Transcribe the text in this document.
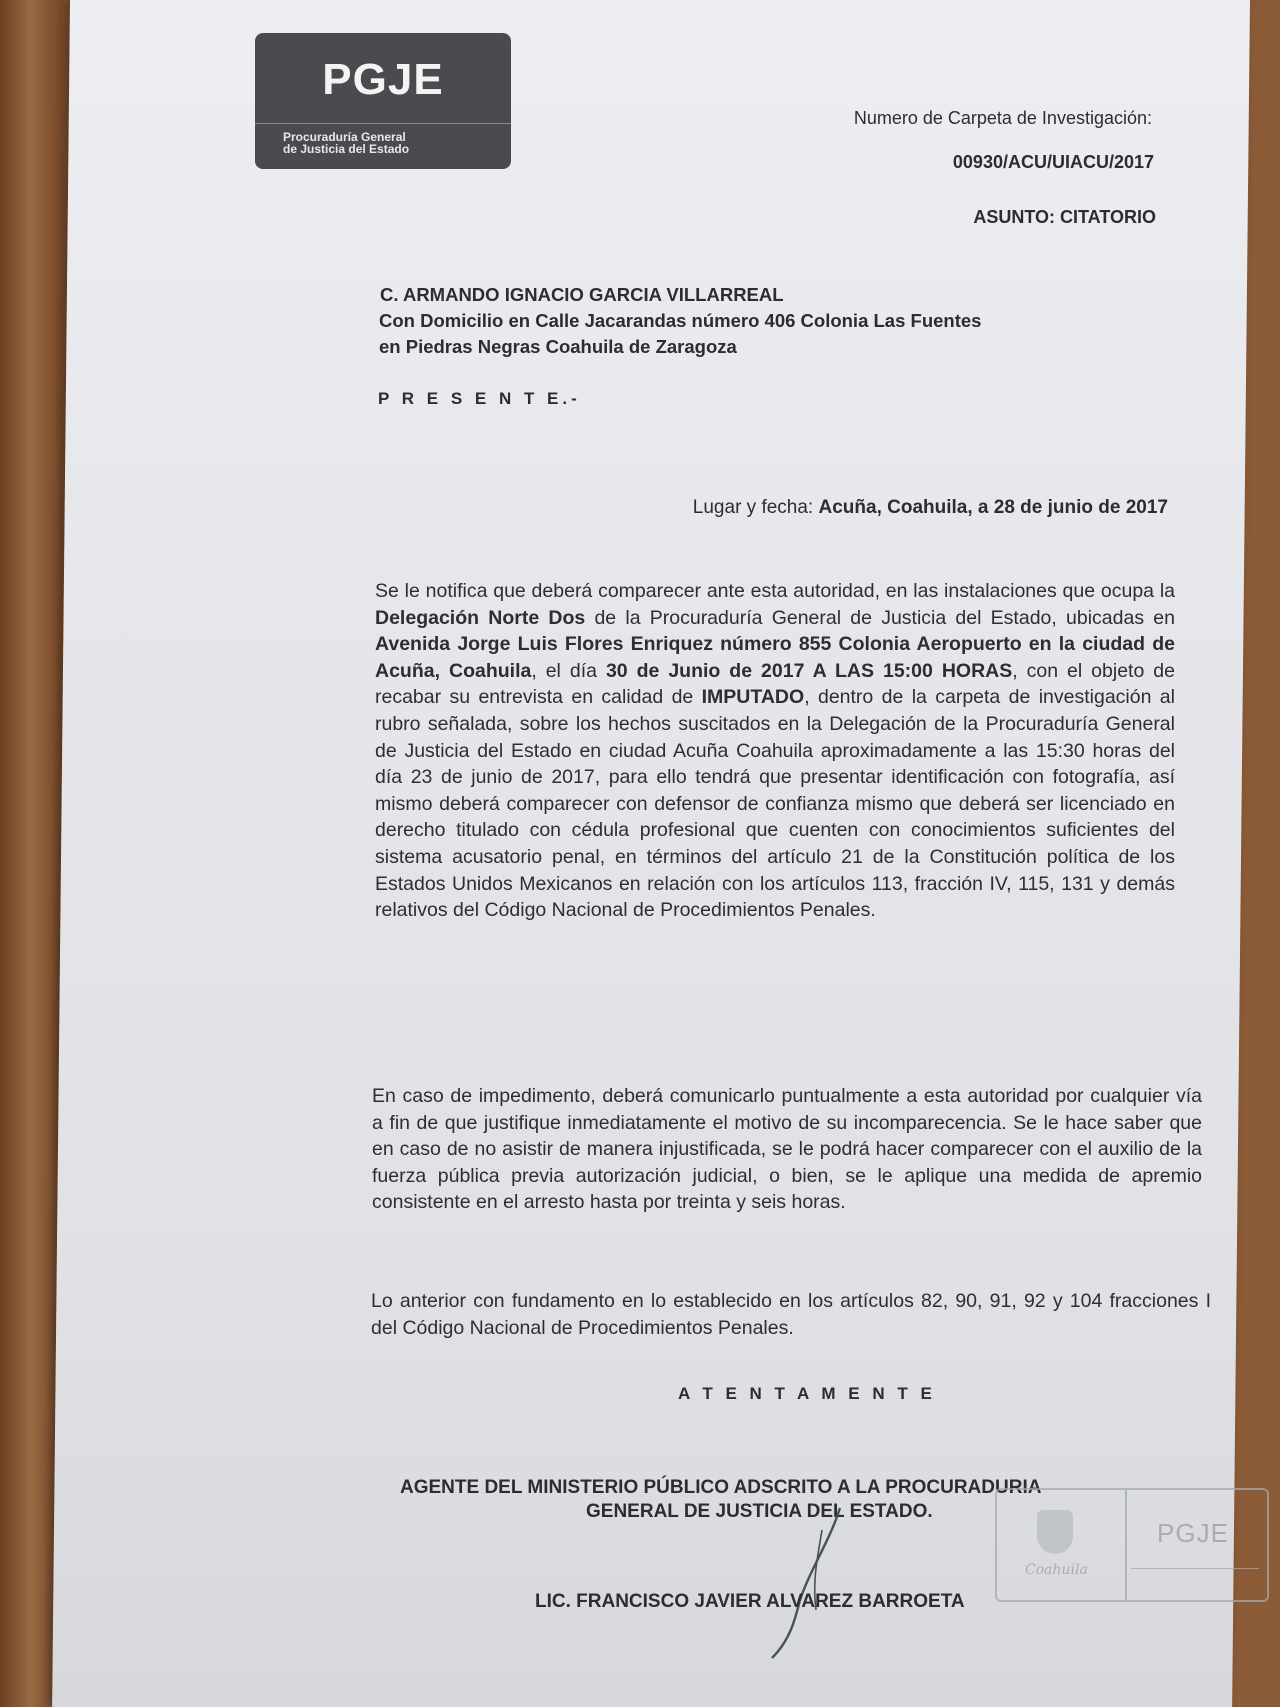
PGJE
Procuraduría General
de Justicia del Estado
Numero de Carpeta de Investigación:
00930/ACU/UIACU/2017
ASUNTO: CITATORIO
C. ARMANDO IGNACIO GARCIA VILLARREAL
Con Domicilio en Calle Jacarandas número 406 Colonia Las Fuentes
en Piedras Negras Coahuila de Zaragoza
P R E S E N T E.-
Lugar y fecha: Acuña, Coahuila, a 28 de junio de 2017
Se le notifica que deberá comparecer ante esta autoridad, en las instalaciones que ocupa la Delegación Norte Dos de la Procuraduría General de Justicia del Estado, ubicadas en Avenida Jorge Luis Flores Enriquez número 855 Colonia Aeropuerto en la ciudad de Acuña, Coahuila, el día 30 de Junio de 2017 A LAS 15:00 HORAS, con el objeto de recabar su entrevista en calidad de IMPUTADO, dentro de la carpeta de investigación al rubro señalada, sobre los hechos suscitados en la Delegación de la Procuraduría General de Justicia del Estado en ciudad Acuña Coahuila aproximadamente a las 15:30 horas del día 23 de junio de 2017, para ello tendrá que presentar identificación con fotografía, así mismo deberá comparecer con defensor de confianza mismo que deberá ser licenciado en derecho titulado con cédula profesional que cuenten con conocimientos suficientes del sistema acusatorio penal, en términos del artículo 21 de la Constitución política de los Estados Unidos Mexicanos en relación con los artículos 113, fracción IV, 115, 131 y demás relativos del Código Nacional de Procedimientos Penales.
En caso de impedimento, deberá comunicarlo puntualmente a esta autoridad por cualquier vía a fin de que justifique inmediatamente el motivo de su incomparecencia. Se le hace saber que en caso de no asistir de manera injustificada, se le podrá hacer comparecer con el auxilio de la fuerza pública previa autorización judicial, o bien, se le aplique una medida de apremio consistente en el arresto hasta por treinta y seis horas.
Lo anterior con fundamento en lo establecido en los artículos 82, 90, 91, 92 y 104 fracciones I del Código Nacional de Procedimientos Penales.
A T E N T A M E N T E
AGENTE DEL MINISTERIO PÚBLICO ADSCRITO A LA PROCURADURIA
GENERAL DE JUSTICIA DEL ESTADO.
Coahuila
PGJE
LIC. FRANCISCO JAVIER ALVAREZ BARROETA
